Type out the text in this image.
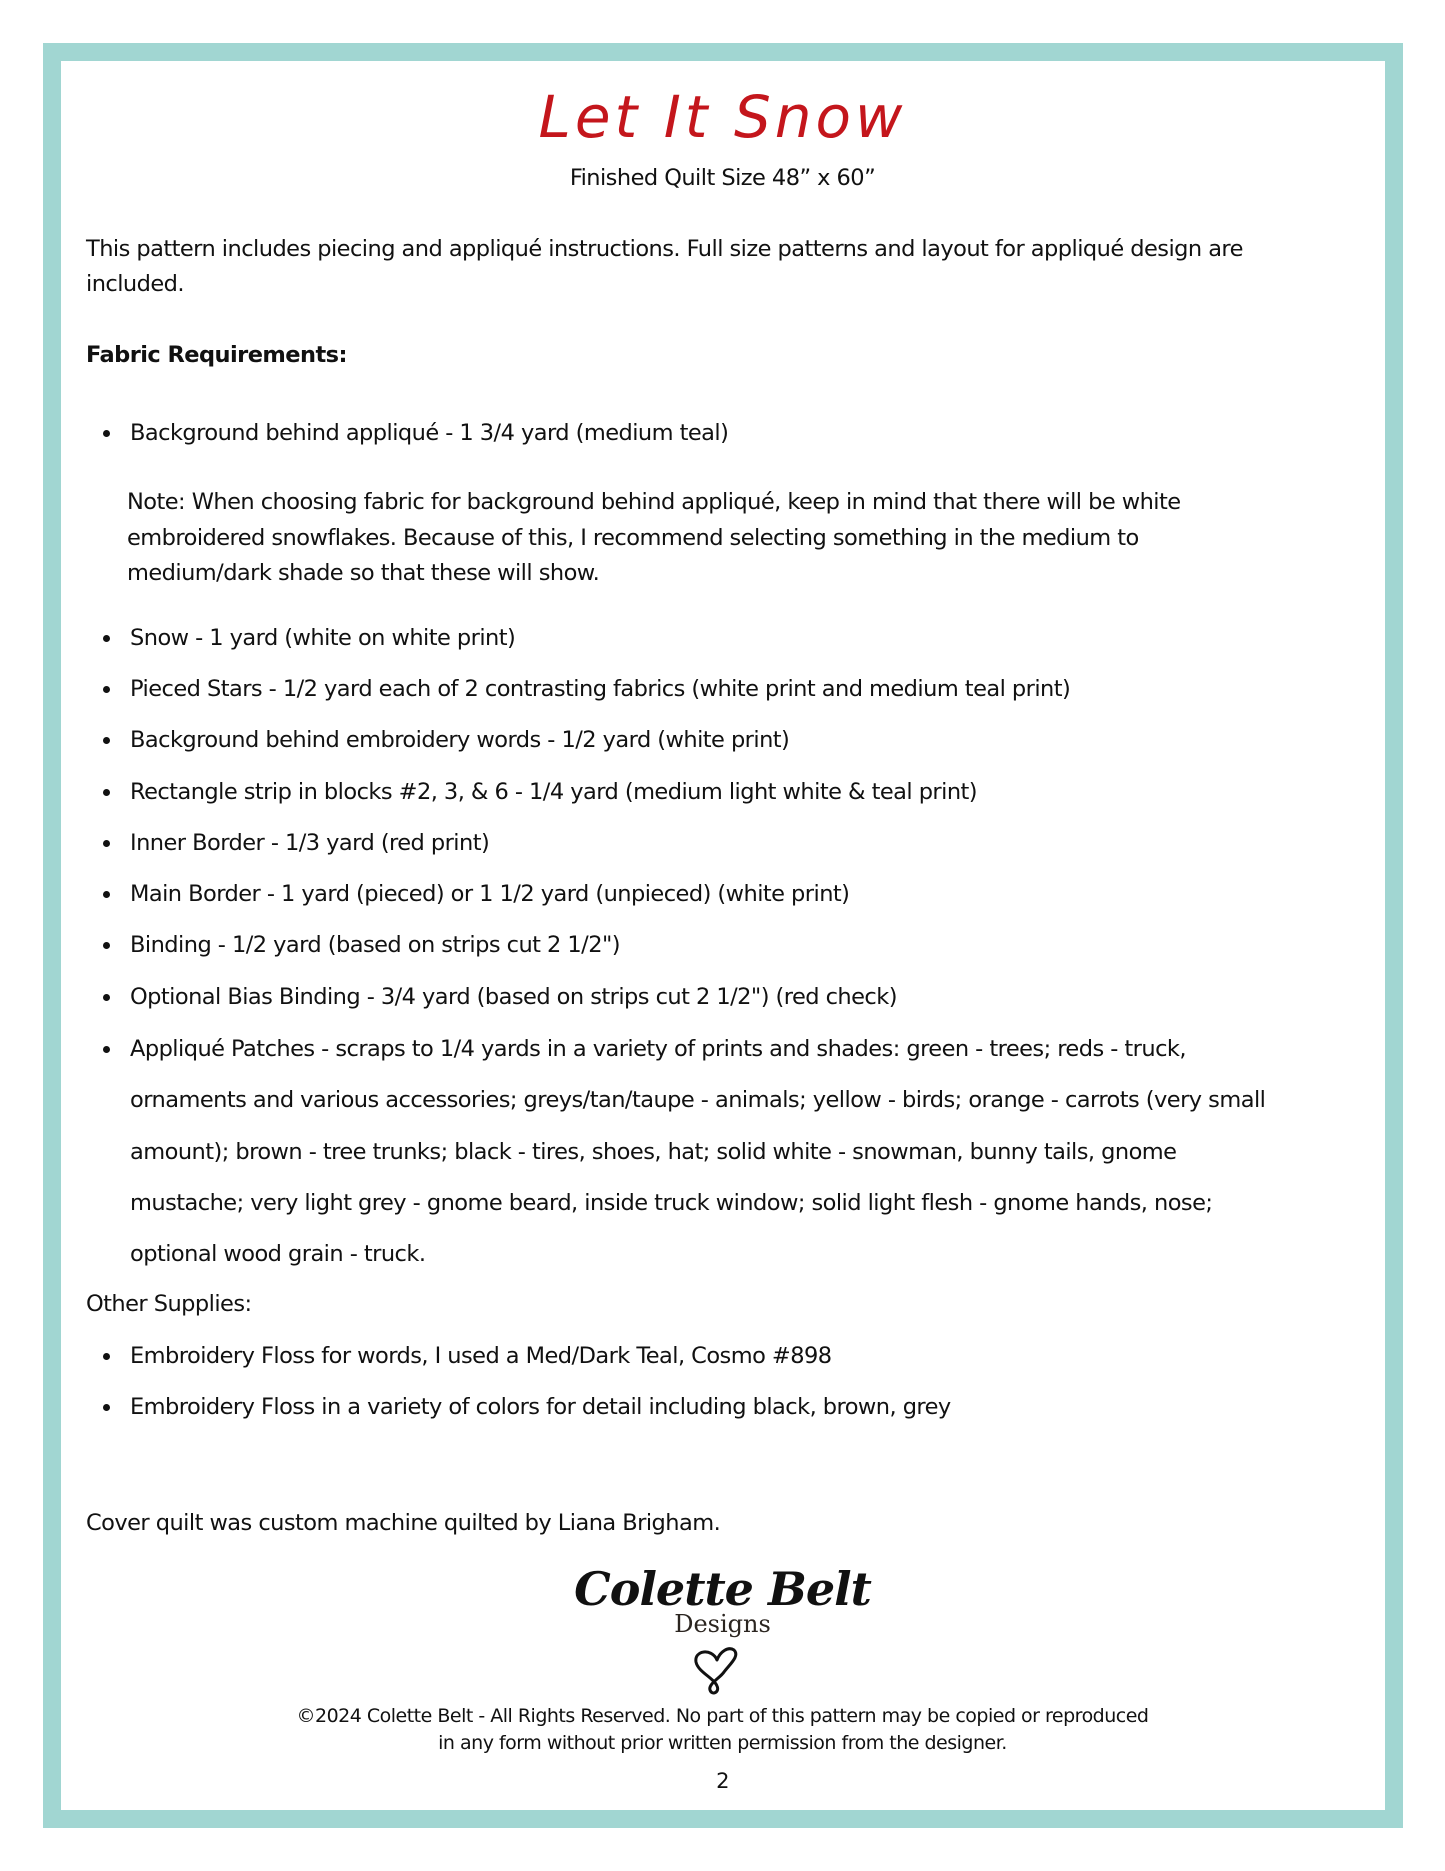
Let It Snow
Finished Quilt Size 48” x 60”
This pattern includes piecing and appliqué instructions. Full size patterns and layout for appliqué design are
included.
Fabric Requirements:
Background behind appliqué - 1 3/4 yard (medium teal)
Note: When choosing fabric for background behind appliqué, keep in mind that there will be white
embroidered snowflakes. Because of this, I recommend selecting something in the medium to
medium/dark shade so that these will show.
Snow - 1 yard (white on white print)
Pieced Stars - 1/2 yard each of 2 contrasting fabrics (white print and medium teal print)
Background behind embroidery words - 1/2 yard (white print)
Rectangle strip in blocks #2, 3, & 6 - 1/4 yard (medium light white & teal print)
Inner Border - 1/3 yard (red print)
Main Border - 1 yard (pieced) or 1 1/2 yard (unpieced) (white print)
Binding - 1/2 yard (based on strips cut 2 1/2")
Optional Bias Binding - 3/4 yard (based on strips cut 2 1/2") (red check)
Appliqué Patches - scraps to 1/4 yards in a variety of prints and shades: green - trees; reds - truck,
ornaments and various accessories; greys/tan/taupe - animals; yellow - birds; orange - carrots (very small
amount); brown - tree trunks; black - tires, shoes, hat; solid white - snowman, bunny tails, gnome
mustache; very light grey - gnome beard, inside truck window; solid light flesh - gnome hands, nose;
optional wood grain - truck.
Other Supplies:
Embroidery Floss for words, I used a Med/Dark Teal, Cosmo #898
Embroidery Floss in a variety of colors for detail including black, brown, grey
Cover quilt was custom machine quilted by Liana Brigham.
Colette Belt
Designs
©2024 Colette Belt - All Rights Reserved. No part of this pattern may be copied or reproduced
in any form without prior written permission from the designer.
2
